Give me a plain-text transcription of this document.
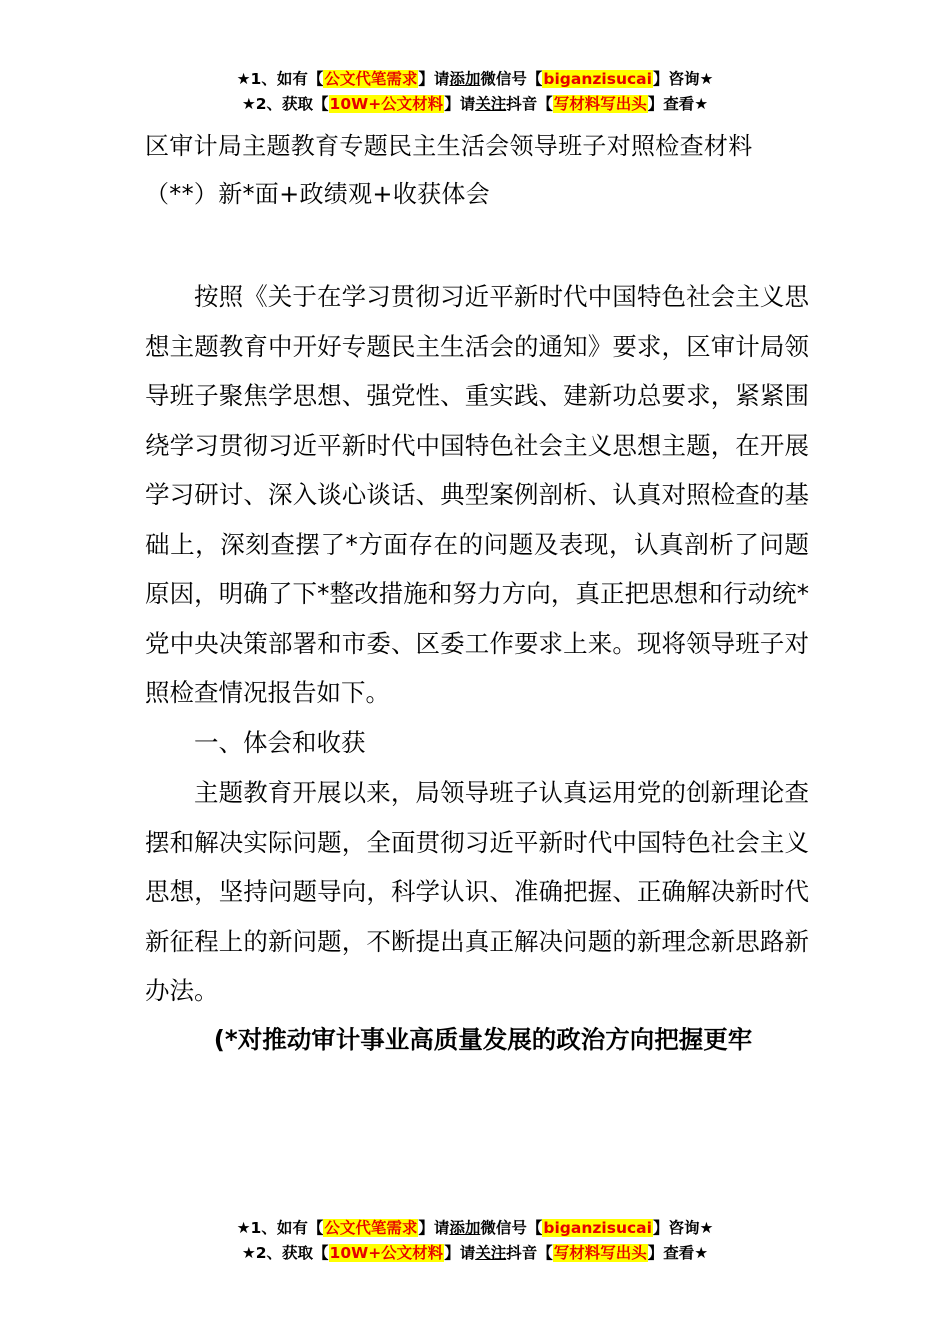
★1、如有【公文代笔需求】请添加微信号【biganzisucai】咨询★
★2、获取【10W+公文材料】请关注抖音【写材料写出头】查看★
区审计局主题教育专题民主生活会领导班子对照检查材料
（**）新*面+政绩观+收获体会

按照《关于在学习贯彻习近平新时代中国特色社会主义思想主题教育中开好专题民主生活会的通知》要求，区审计局领导班子聚焦学思想、强党性、重实践、建新功总要求，紧紧围绕学习贯彻习近平新时代中国特色社会主义思想主题，在开展学习研讨、深入谈心谈话、典型案例剖析、认真对照检查的基础上，深刻查摆了*方面存在的问题及表现，认真剖析了问题原因，明确了下*整改措施和努力方向，真正把思想和行动统*党中央决策部署和市委、区委工作要求上来。现将领导班子对照检查情况报告如下。

一、体会和收获

主题教育开展以来，局领导班子认真运用党的创新理论查摆和解决实际问题，全面贯彻习近平新时代中国特色社会主义思想，坚持问题导向，科学认识、准确把握、正确解决新时代新征程上的新问题，不断提出真正解决问题的新理念新思路新办法。

(*对推动审计事业高质量发展的政治方向把握更牢
★1、如有【公文代笔需求】请添加微信号【biganzisucai】咨询★
★2、获取【10W+公文材料】请关注抖音【写材料写出头】查看★
